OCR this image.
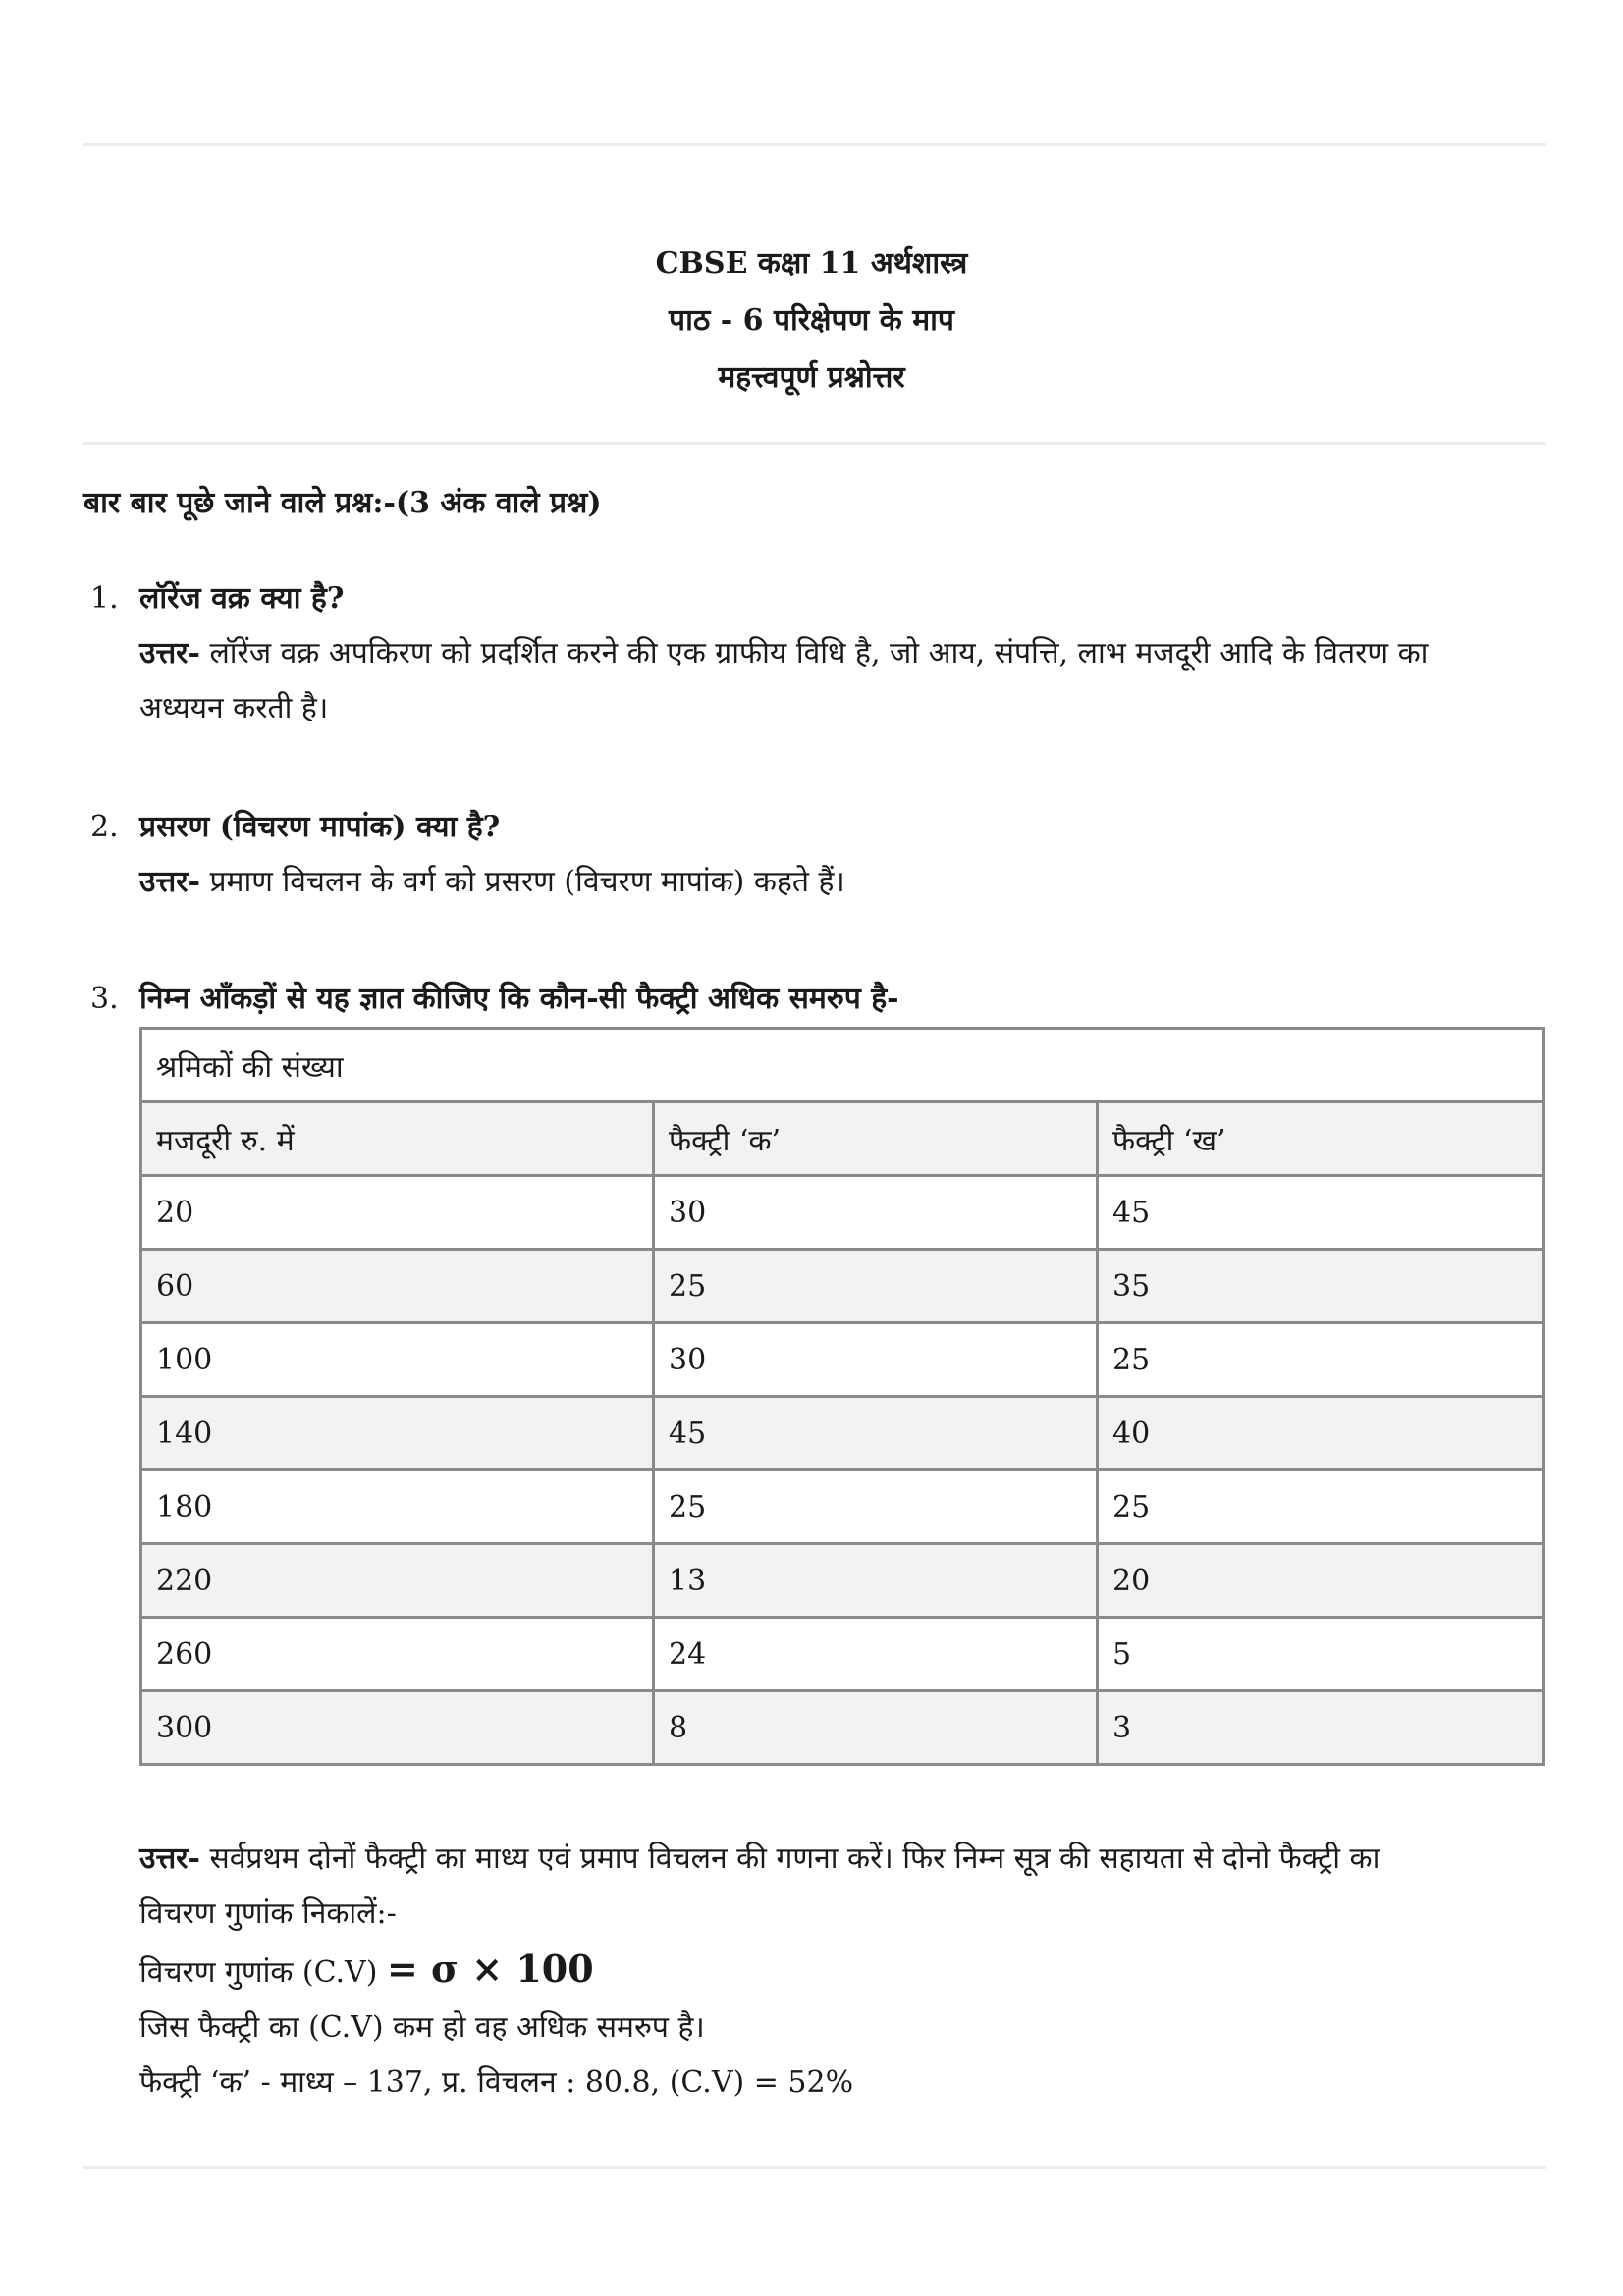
CBSE कक्षा 11 अर्थशास्त्र
पाठ - 6 परिक्षेपण के माप
महत्त्वपूर्ण प्रश्नोत्तर
बार बार पूछे जाने वाले प्रश्न:-(3 अंक वाले प्रश्न)
1. लॉरेंज वक्र क्या है?
उत्तर- लॉरेंज वक्र अपकिरण को प्रदर्शित करने की एक ग्राफीय विधि है, जो आय, संपत्ति, लाभ मजदूरी आदि के वितरण का
अध्ययन करती है।
2. प्रसरण (विचरण मापांक) क्या है?
उत्तर- प्रमाण विचलन के वर्ग को प्रसरण (विचरण मापांक) कहते हैं।
3. निम्न आँकड़ों से यह ज्ञात कीजिए कि कौन-सी फैक्ट्री अधिक समरुप है-
श्रमिकों की संख्या		
मजदूरी रु. में	फैक्ट्री ‘क’	फैक्ट्री ‘ख’
20	30	45
60	25	35
100	30	25
140	45	40
180	25	25
220	13	20
260	24	5
300	8	3
उत्तर- सर्वप्रथम दोनों फैक्ट्री का माध्य एवं प्रमाप विचलन की गणना करें। फिर निम्न सूत्र की सहायता से दोनो फैक्ट्री का
विचरण गुणांक निकालें:-
विचरण गुणांक (C.V) = σ × 100
जिस फैक्ट्री का (C.V) कम हो वह अधिक समरुप है।
फैक्ट्री ‘क’ - माध्य – 137, प्र. विचलन : 80.8, (C.V) = 52%
